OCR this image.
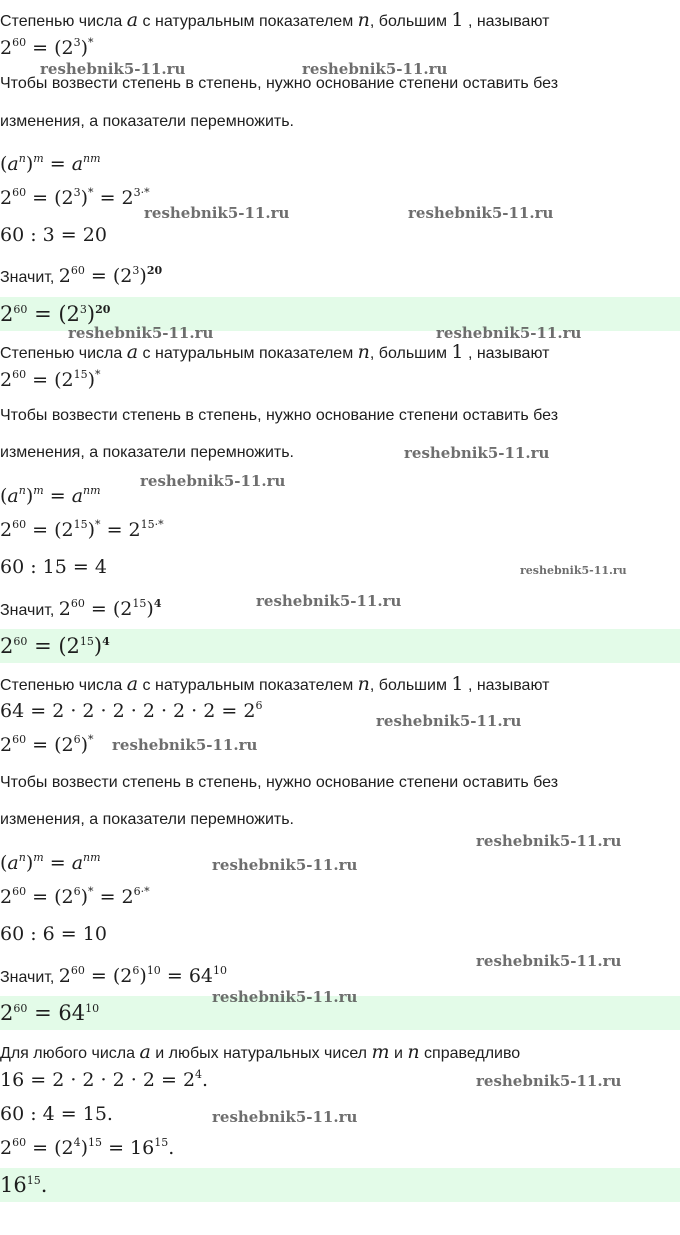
Степенью числа a с натуральным показателем n, большим 1 , называют
$2^{60} = (2^3)^*$
Чтобы возвести степень в степень, нужно основание степени оставить без
изменения, а показатели перемножить.
$(a^n)^m = a^{nm}$
$2^{60} = (2^3)^* = 2^{3\cdot*}$
60 : 3 = 20
Значит, $2^{60} = (2^3)^{20}$
$2^{60} = (2^3)^{20}$
Степенью числа a с натуральным показателем n, большим 1 , называют
$2^{60} = (2^{15})^*$
Чтобы возвести степень в степень, нужно основание степени оставить без
изменения, а показатели перемножить.
$(a^n)^m = a^{nm}$
$2^{60} = (2^{15})^* = 2^{15\cdot*}$
60 : 15 = 4
Значит, $2^{60} = (2^{15})^4$
$2^{60} = (2^{15})^4$
Степенью числа a с натуральным показателем n, большим 1 , называют
$64 = 2 \cdot 2 \cdot 2 \cdot 2 \cdot 2 \cdot 2 = 2^6$
$2^{60} = (2^6)^*$
Чтобы возвести степень в степень, нужно основание степени оставить без
изменения, а показатели перемножить.
$(a^n)^m = a^{nm}$
$2^{60} = (2^6)^* = 2^{6\cdot*}$
60 : 6 = 10
Значит, $2^{60} = (2^6)^{10} = 64^{10}$
$2^{60} = 64^{10}$
Для любого числа a и любых натуральных чисел m и n справедливо
$16 = 2 \cdot 2 \cdot 2 \cdot 2 = 2^4$.
60 : 4 = 15.
$2^{60} = (2^4)^{15} = 16^{15}$.
$16^{15}$.
reshebnik5-11.ru	reshebnik5-11.ru
reshebnik5-11.ru	reshebnik5-11.ru
reshebnik5-11.ru	reshebnik5-11.ru
reshebnik5-11.ru
reshebnik5-11.ru
reshebnik5-11.ru
reshebnik5-11.ru
reshebnik5-11.ru
reshebnik5-11.ru
reshebnik5-11.ru
reshebnik5-11.ru
reshebnik5-11.ru
reshebnik5-11.ru
reshebnik5-11.ru
reshebnik5-11.ru
